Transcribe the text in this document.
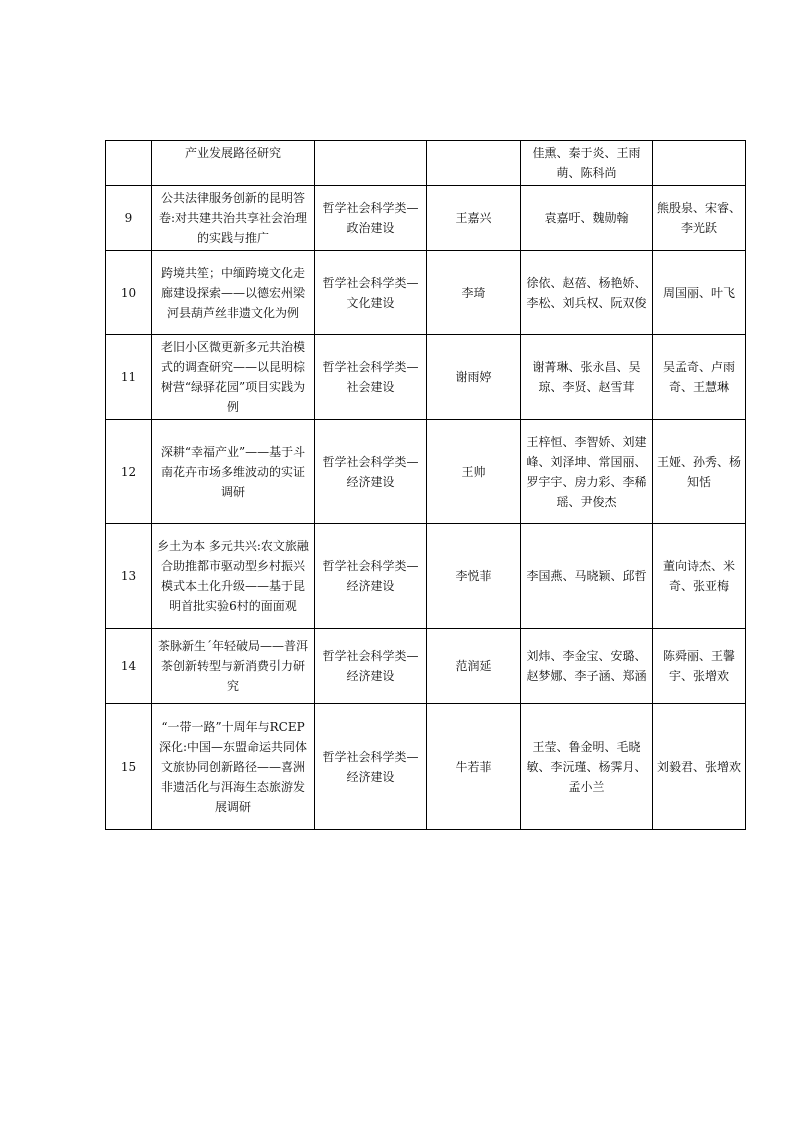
	产业发展路径研究			佳熏、秦于炎、王雨萌、陈科尚	
9	公共法律服务创新的昆明答卷:对共建共治共享社会治理的实践与推广	哲学社会科学类—政治建设	王嘉兴	袁嘉吁、魏勋翰	熊殷泉、宋睿、李光跃
10	跨境共笙；中缅跨境文化走廊建设探索——以德宏州梁河县葫芦丝非遗文化为例	哲学社会科学类—文化建设	李琦	徐依、赵蓓、杨艳娇、李松、刘兵权、阮双俊	周国丽、叶飞
11	老旧小区微更新多元共治模式的调查研究——以昆明棕树营“绿驿花园”项目实践为例	哲学社会科学类—社会建设	谢雨婷	谢菁琳、张永昌、吴琼、李贤、赵雪茸	吴孟奇、卢雨奇、王慧琳
12	深耕“幸福产业”——基于斗南花卉市场多维波动的实证调研	哲学社会科学类—经济建设	王帅	王梓恒、李智娇、刘建峰、刘泽坤、常国丽、罗宇宇、房力彩、李稀瑶、尹俊杰	王娅、孙秀、杨知恬
13	乡土为本 多元共兴:农文旅融合助推都市驱动型乡村振兴模式本土化升级——基于昆明首批实验6村的面面观	哲学社会科学类—经济建设	李悦菲	李国燕、马晓颖、邱哲	董向诗杰、米奇、张亚梅
14	茶脉新生ˊ年轻破局——普洱茶创新转型与新消费引力研究	哲学社会科学类—经济建设	范润延	刘炜、李金宝、安璐、赵梦娜、李子涵、郑涵	陈舜丽、王馨宇、张增欢
15	“一带一路”十周年与RCEP深化:中国—东盟命运共同体文旅协同创新路径——喜洲非遗活化与洱海生态旅游发展调研	哲学社会科学类—经济建设	牛若菲	王莹、鲁金明、毛晓敏、李沅瑾、杨霁月、孟小兰	刘毅君、张增欢
